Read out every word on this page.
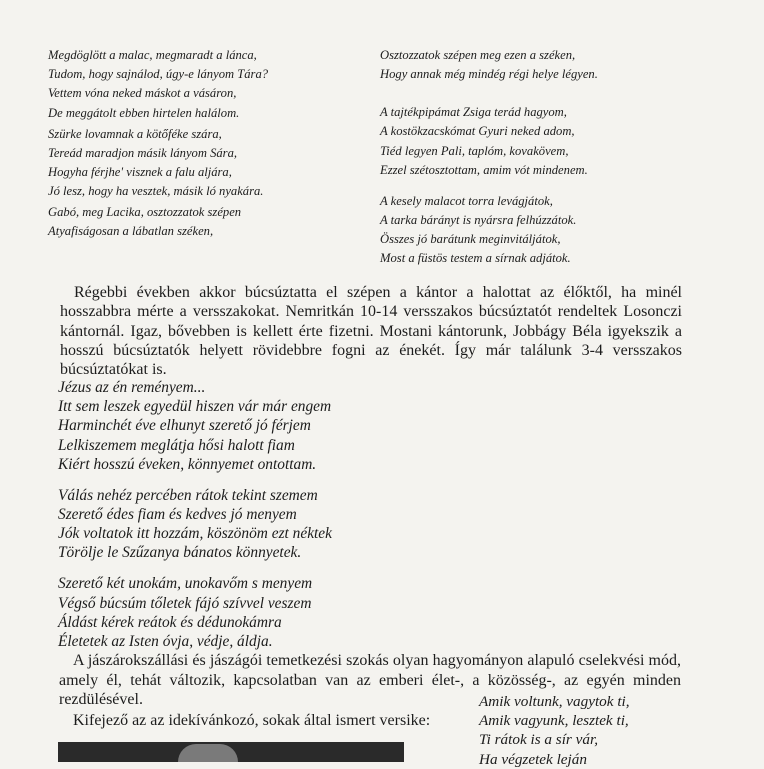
Megdöglött a malac, megmaradt a lánca,
Tudom, hogy sajnálod, úgy-e lányom Tára?
Vettem vóna neked máskot a vásáron,
De meggátolt ebben hirtelen halálom.
Szürke lovamnak a kötőféke szára,
Tereád maradjon másik lányom Sára,
Hogyha férjhe' visznek a falu aljára,
Jó lesz, hogy ha vesztek, másik ló nyakára.
Gabó, meg Lacika, osztozzatok szépen
Atyafiságosan a lábatlan széken,
Osztozzatok szépen meg ezen a széken,
Hogy annak még mindég régi helye légyen.
A tajtékpipámat Zsiga terád hagyom,
A kostökzacskómat Gyuri neked adom,
Tiéd legyen Pali, taplóm, kovakövem,
Ezzel szétosztottam, amim vót mindenem.
A kesely malacot torra levágjátok,
A tarka bárányt is nyársra felhúzzátok.
Összes jó barátunk meginvitáljátok,
Most a füstös testem a sírnak adjátok.

Régebbi években akkor búcsúztatta el szépen a kántor a halottat az élőktől, ha minél hosszabbra mérte a versszakokat. Nemritkán 10-14 versszakos búcsúztatót rendeltek Losonczi kántornál. Igaz, bővebben is kellett érte fizetni. Mostani kántorunk, Jobbágy Béla igyekszik a hosszú búcsúztatók helyett rövidebbre fogni az énekét. Így már találunk 3-4 versszakos búcsúztatókat is.

Jézus az én reményem...
Itt sem leszek egyedül hiszen vár már engem
Harminchét éve elhunyt szerető jó férjem
Lelkiszemem meglátja hősi halott fiam
Kiért hosszú éveken, könnyemet ontottam.
Válás nehéz percében rátok tekint szemem
Szerető édes fiam és kedves jó menyem
Jók voltatok itt hozzám, köszönöm ezt néktek
Törölje le Szűzanya bánatos könnyetek.
Szerető két unokám, unokavőm s menyem
Végső búcsúm tőletek fájó szívvel veszem
Áldást kérek reátok és dédunokámra
Életetek az Isten óvja, védje, áldja.

A jászárokszállási és jászágói temetkezési szokás olyan hagyományon alapuló cselekvési mód, amely él, tehát változik, kapcsolatban van az emberi élet-, a közösség-, az egyén minden rezdülésével.

Kifejező az az idekívánkozó, sokak által ismert versike:

Amik voltunk, vagytok ti,
Amik vagyunk, lesztek ti,
Ti rátok is a sír vár,
Ha végzetek leján
